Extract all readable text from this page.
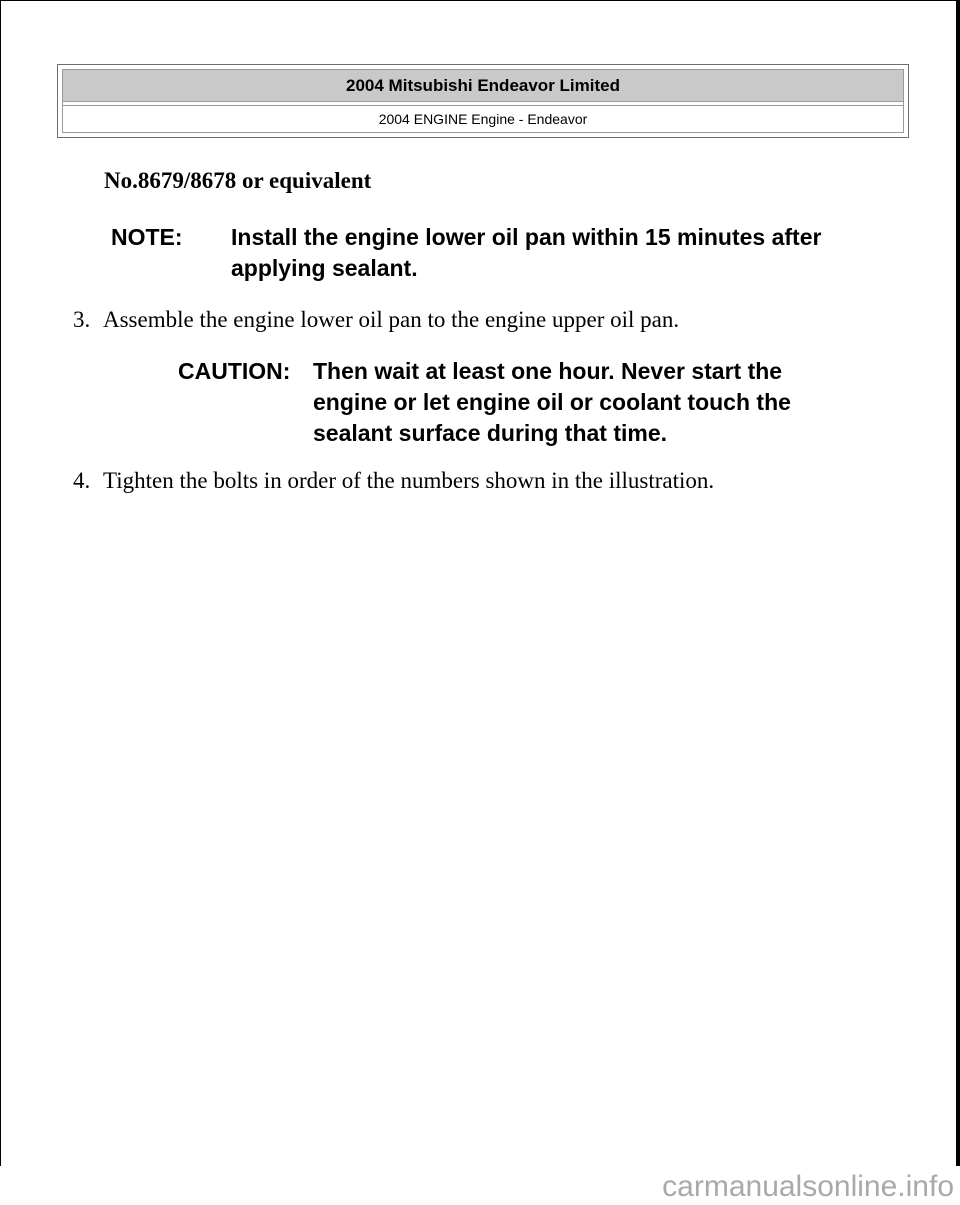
2004 Mitsubishi Endeavor Limited
2004 ENGINE Engine - Endeavor
No.8679/8678 or equivalent
NOTE:	Install the engine lower oil pan within 15 minutes after applying sealant.
3. Assemble the engine lower oil pan to the engine upper oil pan.
CAUTION: Then wait at least one hour. Never start the engine or let engine oil or coolant touch the sealant surface during that time.
4. Tighten the bolts in order of the numbers shown in the illustration.
carmanualsonline.info
